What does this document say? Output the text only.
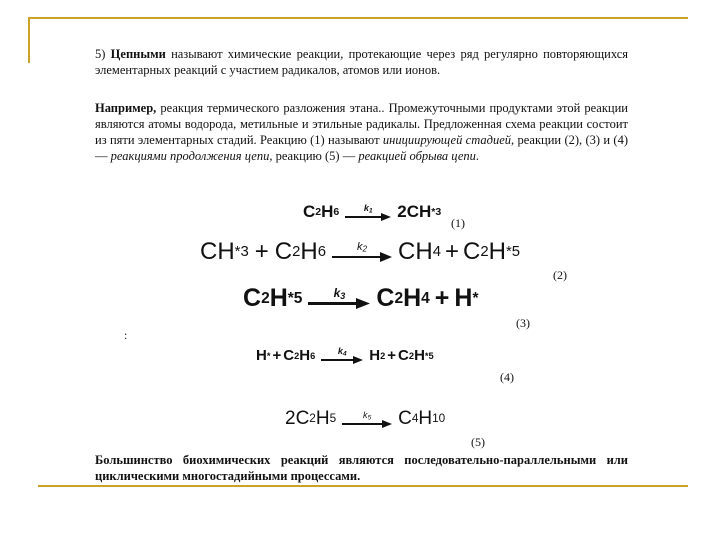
5) Цепными называют химические реакции, протекающие через ряд регулярно повторяющихся элементарных реакций с участием радикалов, атомов или ионов.
Например, реакция термического разложения этана.. Промежуточными продуктами этой реакции являются атомы водорода, метильные и этильные радикалы. Предложенная схема реакции состоит из пяти элементарных стадий. Реакцию (1) называют инициирующей стадией, реакции (2), (3) и (4) — реакциями продолжения цепи, реакцию (5) — реакцией обрыва цепи.
C 2 H 6	$k_1$ 2CH * 3
(1)
CH * 3 + C 2 H 6	$k_2$ CH 4 + C 2 H * 5
(2)
C 2 H * 5	$k_3$ C 2 H 4 + H *
(3)
:
H * + C 2 H 6	$k_4$ H 2 + C 2 H * 5
(4)
2C 2 H 5	$k_5$ C 4 H 10
(5)
Большинство биохимических реакций являются последовательно-параллельными или циклическими многостадийными процессами.
